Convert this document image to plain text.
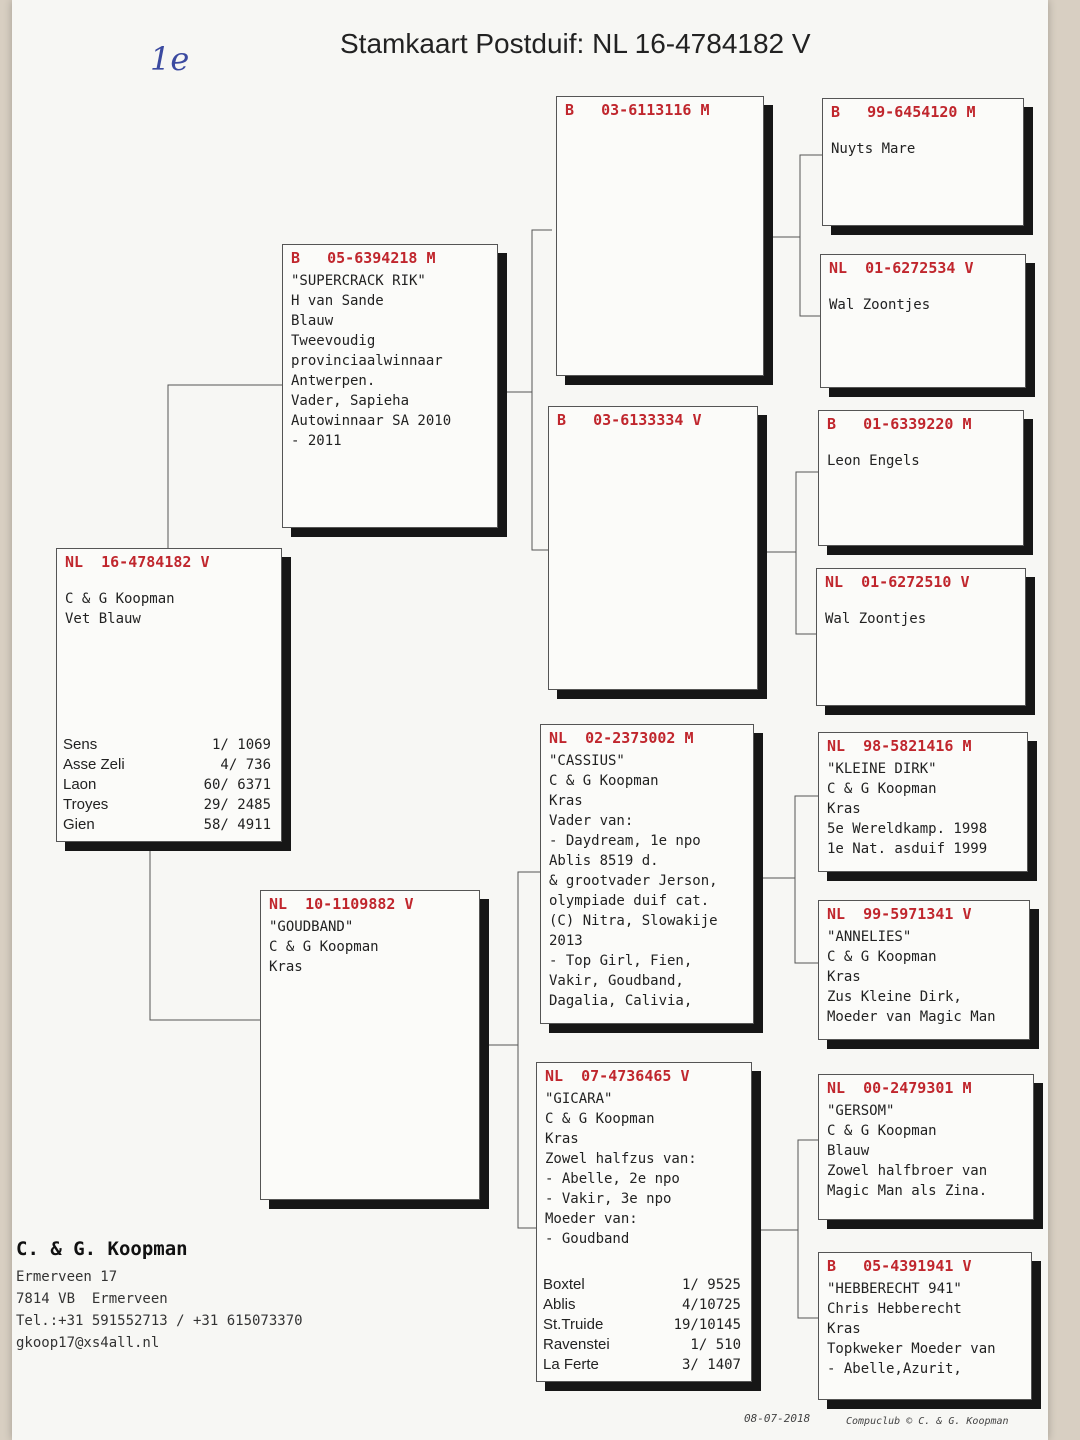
Stamkaart Postduif: NL 16-4784182 V
1e
NL  16-4784182 V
C & G Koopman
Vet Blauw
Sens	1/ 1069
Asse Zeli	4/ 736
Laon	60/ 6371
Troyes	29/ 2485
Gien	58/ 4911
B   05-6394218 M
"SUPERCRACK RIK"
H van Sande
Blauw
Tweevoudig
provinciaalwinnaar
Antwerpen.
Vader, Sapieha
Autowinnaar SA 2010
- 2011
NL  10-1109882 V
"GOUDBAND"
C & G Koopman
Kras
B   03-6113116 M
B   03-6133334 V
NL  02-2373002 M
"CASSIUS"
C & G Koopman
Kras
Vader van:
- Daydream, 1e npo
Ablis 8519 d.
& grootvader Jerson,
olympiade duif cat.
(C) Nitra, Slowakije
2013
- Top Girl, Fien,
Vakir, Goudband,
Dagalia, Calivia,
NL  07-4736465 V
"GICARA"
C & G Koopman
Kras
Zowel halfzus van:
- Abelle, 2e npo
- Vakir, 3e npo
Moeder van:
- Goudband
Boxtel	1/ 9525
Ablis	4/10725
St.Truide	19/10145
Ravenstei	1/ 510
La Ferte	3/ 1407
B   99-6454120 M
Nuyts Mare
NL  01-6272534 V
Wal Zoontjes
B   01-6339220 M
Leon Engels
NL  01-6272510 V
Wal Zoontjes
NL  98-5821416 M
"KLEINE DIRK"
C & G Koopman
Kras
5e Wereldkamp. 1998
1e Nat. asduif 1999
NL  99-5971341 V
"ANNELIES"
C & G Koopman
Kras
Zus Kleine Dirk,
Moeder van Magic Man
NL  00-2479301 M
"GERSOM"
C & G Koopman
Blauw
Zowel halfbroer van
Magic Man als Zina.
B   05-4391941 V
"HEBBERECHT 941"
Chris Hebberecht
Kras
Topkweker Moeder van
- Abelle,Azurit,
C. & G. Koopman
Ermerveen 17
7814 VB  Ermerveen
Tel.:+31 591552713 / +31 615073370
gkoop17@xs4all.nl
08-07-2018	Compuclub © C. & G. Koopman
